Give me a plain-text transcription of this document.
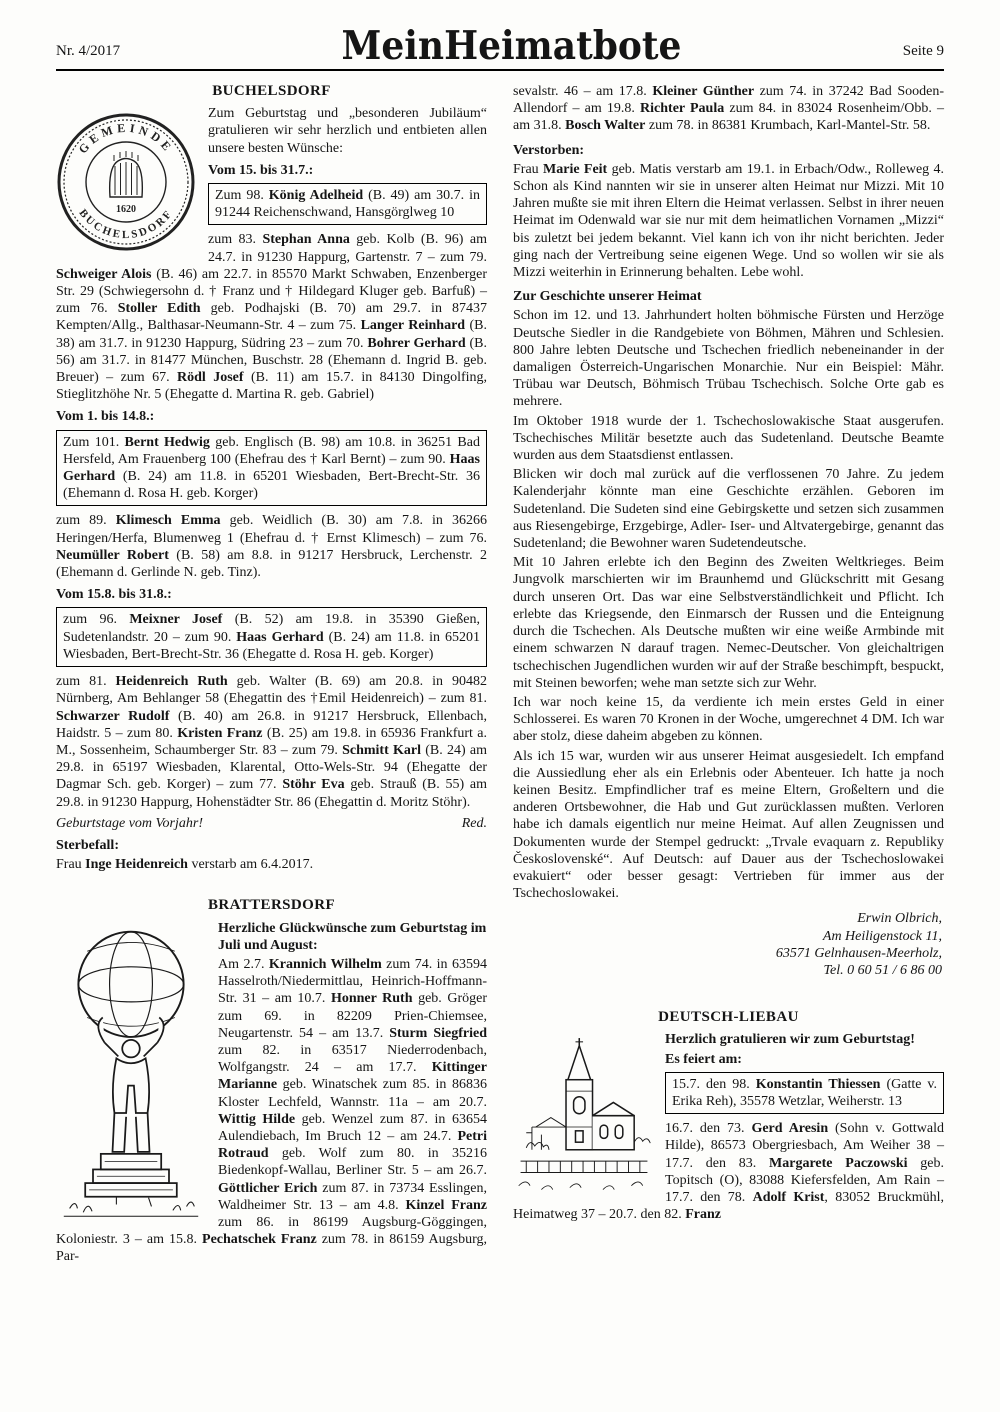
Nr. 4/2017	MeinHeimatbote	Seite 9
BUCHELSDORF
GEMEINDE
BUCHELSDORF
1620

Zum Geburtstag und „besonderen Jubiläum“ gratulieren wir sehr herzlich und entbieten allen unsere besten Wünsche:

Vom 15. bis 31.7.:

Zum 98. König Adelheid (B. 49) am 30.7. in 91244 Reichenschwand, Hansgörglweg 10

zum 83. Stephan Anna geb. Kolb (B. 96) am 24.7. in 91230 Happurg, Gartenstr. 7 – zum 79. Schweiger Alois (B. 46) am 22.7. in 85570 Markt Schwaben, Enzenberger Str. 29 (Schwiegersohn d. † Franz und † Hildegard Kluger geb. Barfuß) – zum 76. Stoller Edith geb. Podhajski (B. 70) am 29.7. in 87437 Kempten/Allg., Balthasar-Neumann-Str. 4 – zum 75. Langer Reinhard (B. 38) am 31.7. in 91230 Happurg, Südring 23 – zum 70. Bohrer Gerhard (B. 56) am 31.7. in 81477 München, Buschstr. 28 (Ehemann d. Ingrid B. geb. Breuer) – zum 67. Rödl Josef (B. 11) am 15.7. in 84130 Dingolfing, Stieglitzhöhe Nr. 5 (Ehegatte d. Martina R. geb. Gabriel)

Vom 1. bis 14.8.:

Zum 101. Bernt Hedwig geb. Englisch (B. 98) am 10.8. in 36251 Bad Hersfeld, Am Frauenberg 100 (Ehefrau des † Karl Bernt) – zum 90. Haas Gerhard (B. 24) am 11.8. in 65201 Wiesbaden, Bert-Brecht-Str. 36 (Ehemann d. Rosa H. geb. Korger)

zum 89. Klimesch Emma geb. Weidlich (B. 30) am 7.8. in 36266 Heringen/Herfa, Blumenweg 1 (Ehefrau d. † Ernst Klimesch) – zum 76. Neumüller Robert (B. 58) am 8.8. in 91217 Hersbruck, Lerchenstr. 2 (Ehemann d. Gerlinde N. geb. Tinz).

Vom 15.8. bis 31.8.:

zum 96. Meixner Josef (B. 52) am 19.8. in 35390 Gießen, Sudetenlandstr. 20 – zum 90. Haas Gerhard (B. 24) am 11.8. in 65201 Wiesbaden, Bert-Brecht-Str. 36 (Ehegatte d. Rosa H. geb. Korger)

zum 81. Heidenreich Ruth geb. Walter (B. 69) am 20.8. in 90482 Nürnberg, Am Behlanger 58 (Ehegattin des †Emil Heidenreich) – zum 81. Schwarzer Rudolf (B. 40) am 26.8. in 91217 Hersbruck, Ellenbach, Haidstr. 5 – zum 80. Kristen Franz (B. 25) am 19.8. in 65936 Frankfurt a. M., Sossenheim, Schaumberger Str. 83 – zum 79. Schmitt Karl (B. 24) am 29.8. in 65197 Wiesbaden, Klarental, Otto-Wels-Str. 94 (Ehegatte der Dagmar Sch. geb. Korger) – zum 77. Stöhr Eva geb. Strauß (B. 55) am 29.8. in 91230 Happurg, Hohenstädter Str. 86 (Ehegattin d. Moritz Stöhr).

Geburtstage vom Vorjahr!	Red.

Sterbefall:

Frau Inge Heidenreich verstarb am 6.4.2017.

BRATTERSDORF

Herzliche Glückwünsche zum Geburtstag im Juli und August:

Am 2.7. Krannich Wilhelm zum 74. in 63594 Hasselroth/Niedermittlau, Heinrich-Hoffmann-Str. 31 – am 10.7. Honner Ruth geb. Gröger zum 69. in 82209 Prien-Chiemsee, Neugartenstr. 54 – am 13.7. Sturm Siegfried zum 82. in 63517 Niederrodenbach, Wolfgangstr. 24 – am 17.7. Kittinger Marianne geb. Winatschek zum 85. in 86836 Kloster Lechfeld, Wannstr. 11a – am 20.7. Wittig Hilde geb. Wenzel zum 87. in 63654 Aulendiebach, Im Bruch 12 – am 24.7. Petri Rotraud geb. Wolf zum 80. in 35216 Biedenkopf-Wallau, Berliner Str. 5 – am 26.7. Göttlicher Erich zum 87. in 73734 Esslingen, Waldheimer Str. 13 – am 4.8. Kinzel Franz zum 86. in 86199 Augsburg-Göggingen, Koloniestr. 3 – am 15.8. Pechatschek Franz zum 78. in 86159 Augsburg, Par-

sevalstr. 46 – am 17.8. Kleiner Günther zum 74. in 37242 Bad Sooden-Allendorf – am 19.8. Richter Paula zum 84. in 83024 Rosenheim/Obb. – am 31.8. Bosch Walter zum 78. in 86381 Krumbach, Karl-Mantel-Str. 58.

Verstorben:

Frau Marie Feit geb. Matis verstarb am 19.1. in Erbach/Odw., Rolleweg 4. Schon als Kind nannten wir sie in unserer alten Heimat nur Mizzi. Mit 10 Jahren mußte sie mit ihren Eltern die Heimat verlassen. Selbst in ihrer neuen Heimat im Odenwald war sie nur mit dem heimatlichen Vornamen „Mizzi“ bis zuletzt bei jedem bekannt. Viel kann ich von ihr nicht berichten. Jeder ging nach der Vertreibung seine eigenen Wege. Und so wollen wir sie als Mizzi weiterhin in Erinnerung behalten. Lebe wohl.

Zur Geschichte unserer Heimat

Schon im 12. und 13. Jahrhundert holten böhmische Fürsten und Herzöge Deutsche Siedler in die Randgebiete von Böhmen, Mähren und Schlesien. 800 Jahre lebten Deutsche und Tschechen friedlich nebeneinander in der damaligen Österreich-Ungarischen Monarchie. Nur ein Beispiel: Mähr. Trübau war Deutsch, Böhmisch Trübau Tschechisch. Solche Orte gab es mehrere.

Im Oktober 1918 wurde der 1. Tschechoslowakische Staat ausgerufen. Tschechisches Militär besetzte auch das Sudetenland. Deutsche Beamte wurden aus dem Staatsdienst entlassen.

Blicken wir doch mal zurück auf die verflossenen 70 Jahre. Zu jedem Kalenderjahr könnte man eine Geschichte erzählen. Geboren im Sudetenland. Die Sudeten sind eine Gebirgskette und setzen sich zusammen aus Riesengebirge, Erzgebirge, Adler- Iser- und Altvatergebirge, genannt das Sudetenland; die Bewohner waren Sudetendeutsche.

Mit 10 Jahren erlebte ich den Beginn des Zweiten Weltkrieges. Beim Jungvolk marschierten wir im Braunhemd und Glückschritt mit Gesang durch unseren Ort. Das war eine Selbstverständlichkeit und Pflicht. Ich erlebte das Kriegsende, den Einmarsch der Russen und die Enteignung durch die Tschechen. Als Deutsche mußten wir eine weiße Armbinde mit einem schwarzen N darauf tragen. Nemec-Deutscher. Von gleichaltrigen tschechischen Jugendlichen wurden wir auf der Straße beschimpft, bespuckt, mit Steinen beworfen; wehe man setzte sich zur Wehr.

Ich war noch keine 15, da verdiente ich mein erstes Geld in einer Schlosserei. Es waren 70 Kronen in der Woche, umgerechnet 4 DM. Ich war aber stolz, diese daheim abgeben zu können.

Als ich 15 war, wurden wir aus unserer Heimat ausgesiedelt. Ich empfand die Aussiedlung eher als ein Erlebnis oder Abenteuer. Ich hatte ja noch keinen Besitz. Empfindlicher traf es meine Eltern, Großeltern und die anderen Ortsbewohner, die Hab und Gut zurücklassen mußten. Verloren habe ich damals eigentlich nur meine Heimat. Auf allen Zeugnissen und Dokumenten wurde der Stempel gedruckt: „Trvale evaquarn z. Republiky Československé“. Auf Deutsch: auf Dauer aus der Tschechoslowakei evakuiert“ oder besser gesagt: Vertrieben für immer aus der Tschechoslowakei.

Erwin Olbrich,
Am Heiligenstock 11,
63571 Gelnhausen-Meerholz,
Tel. 0 60 51 / 6 86 00
DEUTSCH-LIEBAU

Herzlich gratulieren wir zum Geburtstag!

Es feiert am:

15.7. den 98. Konstantin Thiessen (Gatte v. Erika Reh), 35578 Wetzlar, Weiherstr. 13

16.7. den 73. Gerd Aresin (Sohn v. Gottwald Hilde), 86573 Obergriesbach, Am Weiher 38 – 17.7. den 83. Margarete Paczowski geb. Topitsch (O), 83088 Kiefersfelden, Am Rain – 17.7. den 78. Adolf Krist, 83052 Bruckmühl, Heimatweg 37 – 20.7. den 82. Franz
